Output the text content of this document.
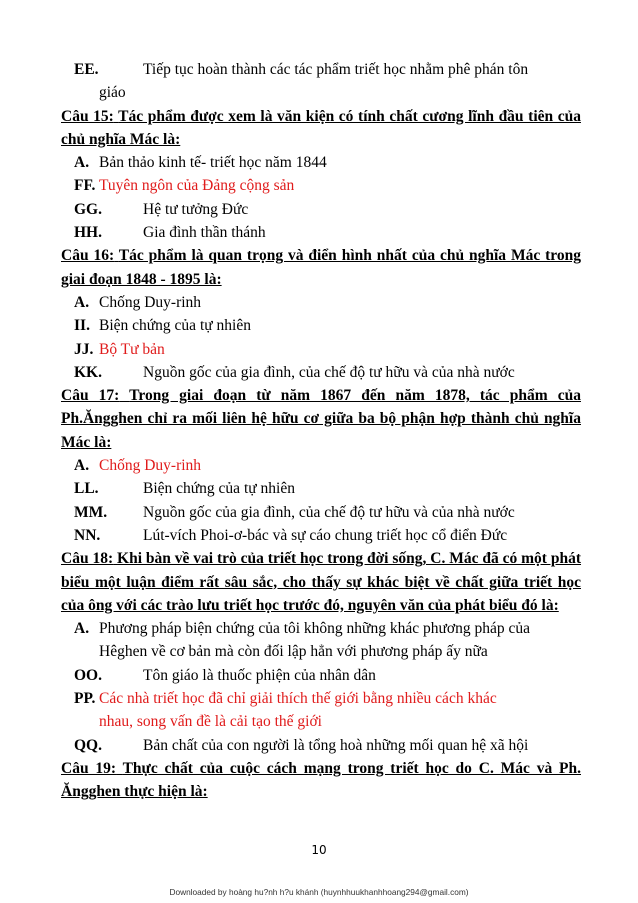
EE.	Tiếp tục hoàn thành các tác phẩm triết học nhằm phê phán tôn
giáo

Câu 15: Tác phẩm được xem là văn kiện có tính chất cương lĩnh đầu tiên của chủ nghĩa Mác là:

A. Bản thảo kinh tế- triết học năm 1844
FF. Tuyên ngôn của Đảng cộng sản
GG.	Hệ tư tưởng Đức
HH.	Gia đình thần thánh

Câu 16: Tác phẩm là quan trọng và điển hình nhất của chủ nghĩa Mác trong giai đoạn 1848 - 1895 là:

A. Chống Duy-rinh
II. Biện chứng của tự nhiên
JJ. Bộ Tư bản
KK.	Nguồn gốc của gia đình, của chế độ tư hữu và của nhà nước

Câu 17: Trong giai đoạn từ năm 1867 đến năm 1878, tác phẩm của Ph.Ăngghen chỉ ra mối liên hệ hữu cơ giữa ba bộ phận hợp thành chủ nghĩa Mác là:

A. Chống Duy-rinh
LL.	Biện chứng của tự nhiên
MM.	Nguồn gốc của gia đình, của chế độ tư hữu và của nhà nước
NN.	Lút-vích Phoi-ơ-bác và sự cáo chung triết học cổ điển Đức

Câu 18: Khi bàn về vai trò của triết học trong đời sống, C. Mác đã có một phát biểu một luận điểm rất sâu sắc, cho thấy sự khác biệt về chất giữa triết học của ông với các trào lưu triết học trước đó, nguyên văn của phát biểu đó là:

A. Phương pháp biện chứng của tôi không những khác phương pháp của
Hêghen về cơ bản mà còn đối lập hẳn với phương pháp ấy nữa
OO.	Tôn giáo là thuốc phiện của nhân dân
PP. Các nhà triết học đã chỉ giải thích thế giới bằng nhiều cách khác
nhau, song vấn đề là cải tạo thế giới
QQ.	Bản chất của con người là tổng hoà những mối quan hệ xã hội

Câu 19: Thực chất của cuộc cách mạng trong triết học do C. Mác và Ph. Ăngghen thực hiện là:

10
Downloaded by hoàng hu?nh h?u khánh (huynhhuukhanhhoang294@gmail.com)
